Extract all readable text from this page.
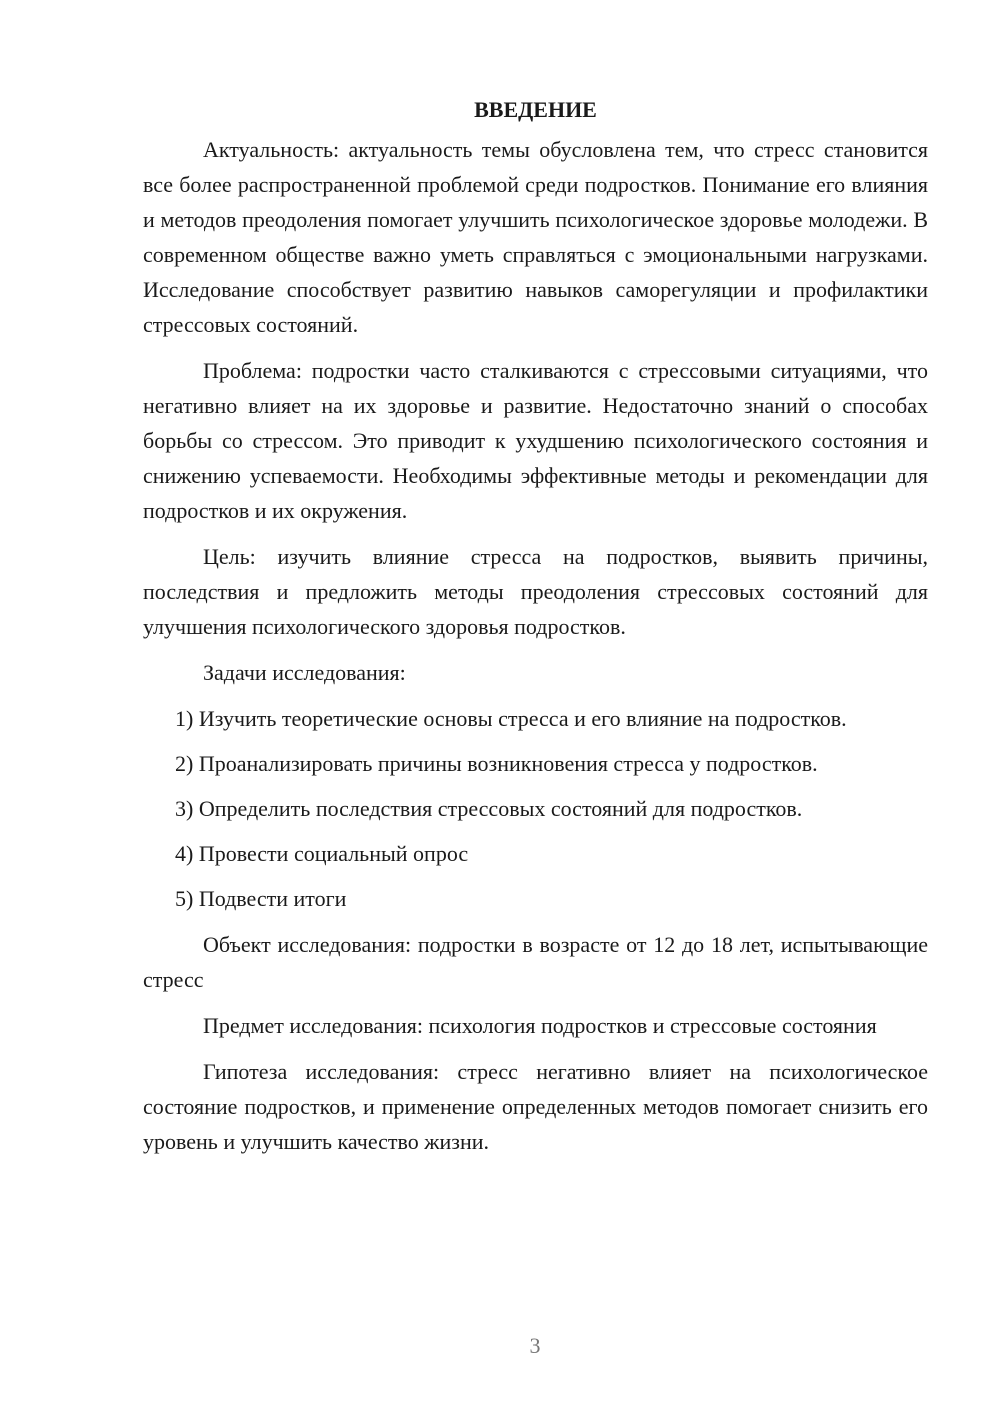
ВВЕДЕНИЕ

Актуальность: актуальность темы обусловлена тем, что стресс становится все более распространенной проблемой среди подростков. Понимание его влияния и методов преодоления помогает улучшить психологическое здоровье молодежи. В современном обществе важно уметь справляться с эмоциональными нагрузками. Исследование способствует развитию навыков саморегуляции и профилактики стрессовых состояний.

Проблема: подростки часто сталкиваются с стрессовыми ситуациями, что негативно влияет на их здоровье и развитие. Недостаточно знаний о способах борьбы со стрессом. Это приводит к ухудшению психологического состояния и снижению успеваемости. Необходимы эффективные методы и рекомендации для подростков и их окружения.

Цель: изучить влияние стресса на подростков, выявить причины, последствия и предложить методы преодоления стрессовых состояний для улучшения психологического здоровья подростков.

Задачи исследования:

1) Изучить теоретические основы стресса и его влияние на подростков.
2) Проанализировать причины возникновения стресса у подростков.
3) Определить последствия стрессовых состояний для подростков.
4) Провести социальный опрос
5) Подвести итоги

Объект исследования: подростки в возрасте от 12 до 18 лет, испытывающие стресс

Предмет исследования: психология подростков и стрессовые состояния

Гипотеза исследования: стресс негативно влияет на психологическое состояние подростков, и применение определенных методов помогает снизить его уровень и улучшить качество жизни.

3
